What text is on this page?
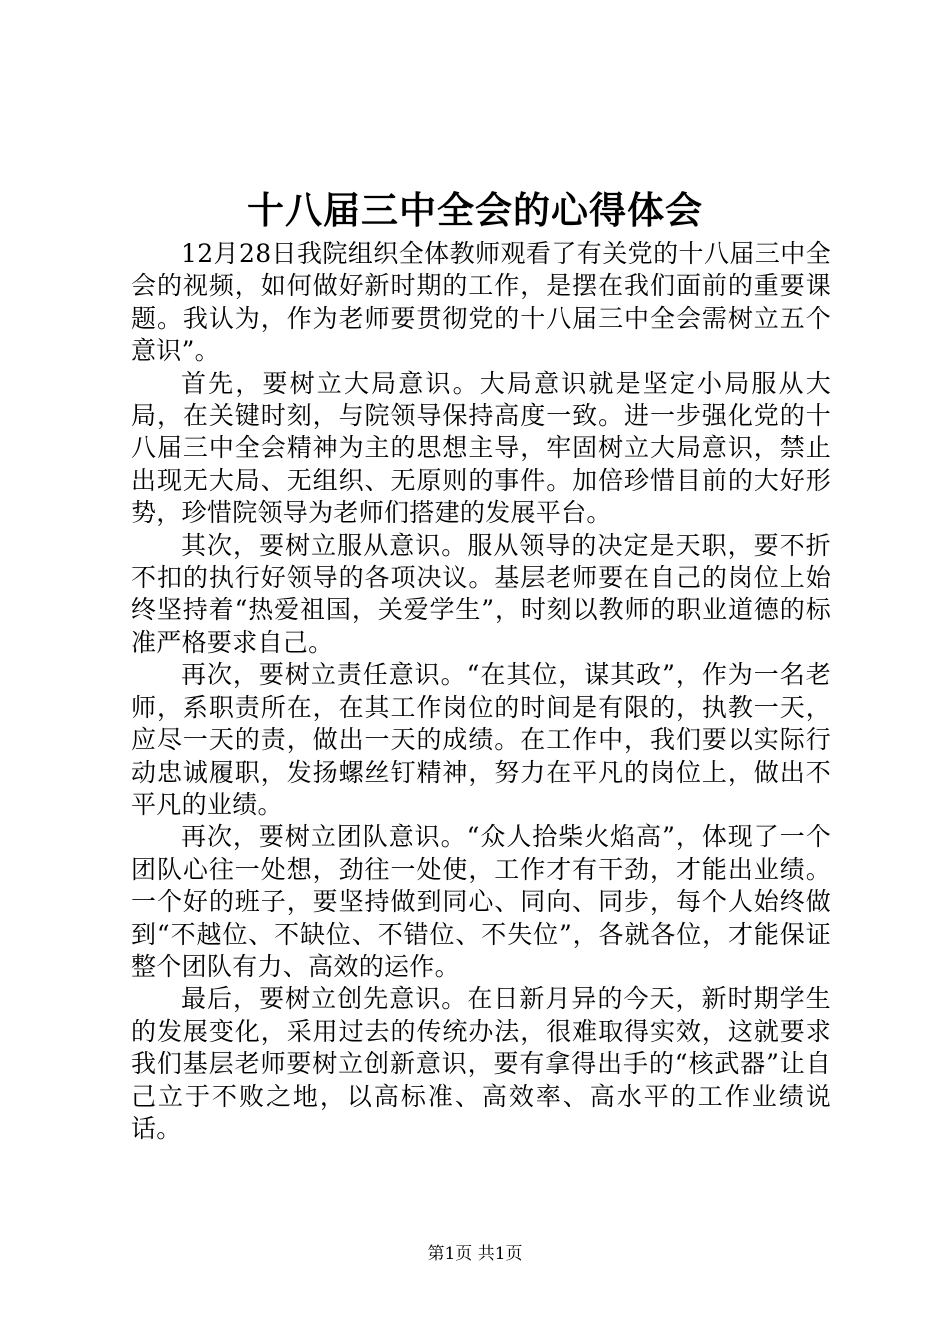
十八届三中全会的心得体会

12月28日我院组织全体教师观看了有关党的十八届三中全会的视频，如何做好新时期的工作，是摆在我们面前的重要课题。我认为，作为老师要贯彻党的十八届三中全会需树立五个意识”。

首先，要树立大局意识。大局意识就是坚定小局服从大局，在关键时刻，与院领导保持高度一致。进一步强化党的十八届三中全会精神为主的思想主导，牢固树立大局意识，禁止出现无大局、无组织、无原则的事件。加倍珍惜目前的大好形势，珍惜院领导为老师们搭建的发展平台。

其次，要树立服从意识。服从领导的决定是天职，要不折不扣的执行好领导的各项决议。基层老师要在自己的岗位上始终坚持着“热爱祖国，关爱学生”，时刻以教师的职业道德的标准严格要求自己。

再次，要树立责任意识。“在其位，谋其政”，作为一名老师，系职责所在，在其工作岗位的时间是有限的，执教一天，应尽一天的责，做出一天的成绩。在工作中，我们要以实际行动忠诚履职，发扬螺丝钉精神，努力在平凡的岗位上，做出不平凡的业绩。

再次，要树立团队意识。“众人拾柴火焰高”，体现了一个团队心往一处想，劲往一处使，工作才有干劲，才能出业绩。一个好的班子，要坚持做到同心、同向、同步，每个人始终做到“不越位、不缺位、不错位、不失位”，各就各位，才能保证整个团队有力、高效的运作。

最后，要树立创先意识。在日新月异的今天，新时期学生的发展变化，采用过去的传统办法，很难取得实效，这就要求我们基层老师要树立创新意识，要有拿得出手的“核武器”让自己立于不败之地，以高标准、高效率、高水平的工作业绩说话。

第1页 共1页
